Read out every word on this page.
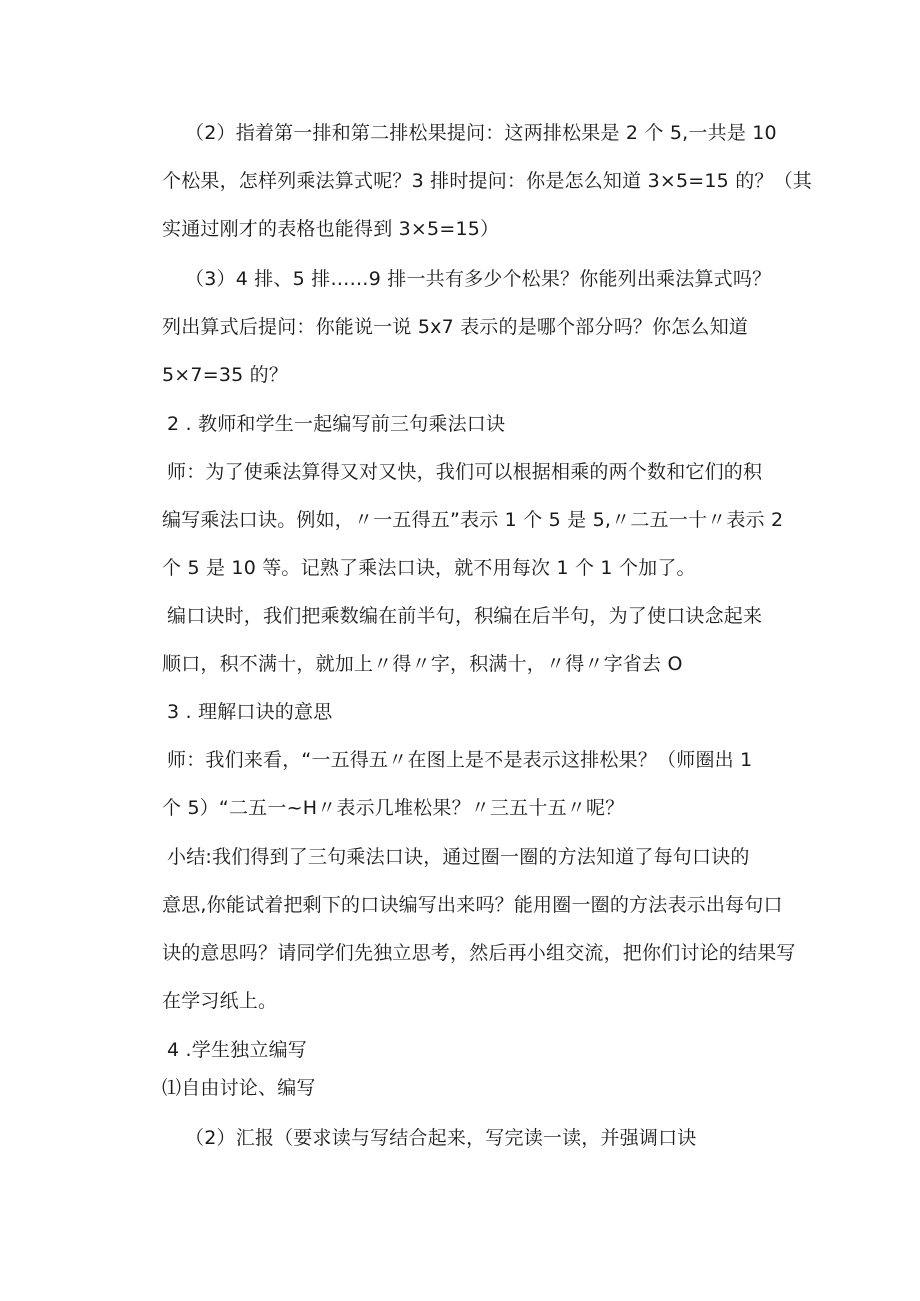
（2）指着第一排和第二排松果提问：这两排松果是 2 个 5,一共是 10
个松果，怎样列乘法算式呢？3 排时提问：你是怎么知道 3×5=15 的？（其
实通过刚才的表格也能得到 3×5=15）
（3）4 排、5 排……9 排一共有多少个松果？你能列出乘法算式吗？
列出算式后提问：你能说一说 5x7 表示的是哪个部分吗？你怎么知道
5×7=35 的？
2 . 教师和学生一起编写前三句乘法口诀
师：为了使乘法算得又对又快，我们可以根据相乘的两个数和它们的积
编写乘法口诀。例如，〃一五得五”表示 1 个 5 是 5,〃二五一十〃表示 2
个 5 是 10 等。记熟了乘法口诀，就不用每次 1 个 1 个加了。
编口诀时，我们把乘数编在前半句，积编在后半句，为了使口诀念起来
顺口，积不满十，就加上〃得〃字，积满十，〃得〃字省去 O
3 . 理解口诀的意思
师：我们来看，“一五得五〃在图上是不是表示这排松果？（师圈出 1
个 5）“二五一~H〃表示几堆松果？〃三五十五〃呢？
小结:我们得到了三句乘法口诀，通过圈一圈的方法知道了每句口诀的
意思,你能试着把剩下的口诀编写出来吗？能用圈一圈的方法表示出每句口
诀的意思吗？请同学们先独立思考，然后再小组交流，把你们讨论的结果写
在学习纸上。
4 .学生独立编写
⑴自由讨论、编写
（2）汇报（要求读与写结合起来，写完读一读，并强调口诀
